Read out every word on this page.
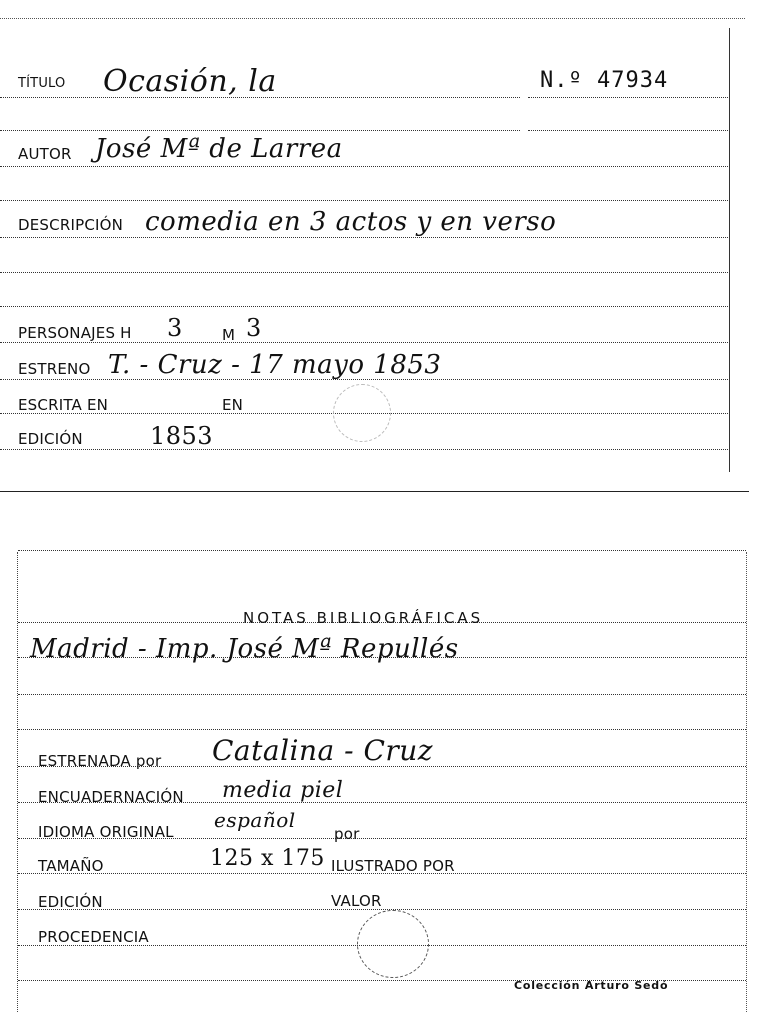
TÍTULO Ocasión, la	N.º 47934
AUTOR José Mª de Larrea
DESCRIPCIÓN comedia en 3 actos y en verso
PERSONAJES H 3	M 3
ESTRENO T. - Cruz - 17 mayo 1853
ESCRITA EN	EN
EDICIÓN	1853
NOTAS BIBLIOGRÁFICAS
Madrid - Imp. José Mª Repullés
ESTRENADA por Catalina - Cruz
ENCUADERNACIÓN media piel
IDIOMA ORIGINAL español
por
TAMAÑO	125 x 175 ILUSTRADO POR
EDICIÓN	VALOR
PROCEDENCIA
Colección Arturo Sedó
